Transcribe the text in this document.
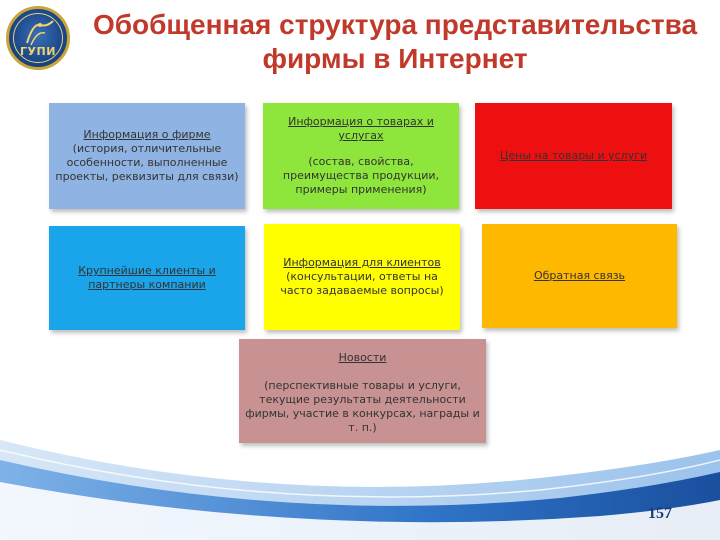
ГУПИ
Обобщенная структура представительства
фирмы в Интернет
Информация о фирме
(история, отличительные особенности, выполненные проекты, реквизиты для связи)
Информация о товарах и услугах
(состав, свойства, преимущества продукции, примеры применения)
Цены на товары и услуги
Крупнейшие клиенты и партнеры компании
Информация для клиентов
(консультации, ответы на часто задаваемые вопросы)
Обратная связь
Новости
(перспективные товары и услуги, текущие результаты деятельности фирмы, участие в конкурсах, награды и т. п.)
157
